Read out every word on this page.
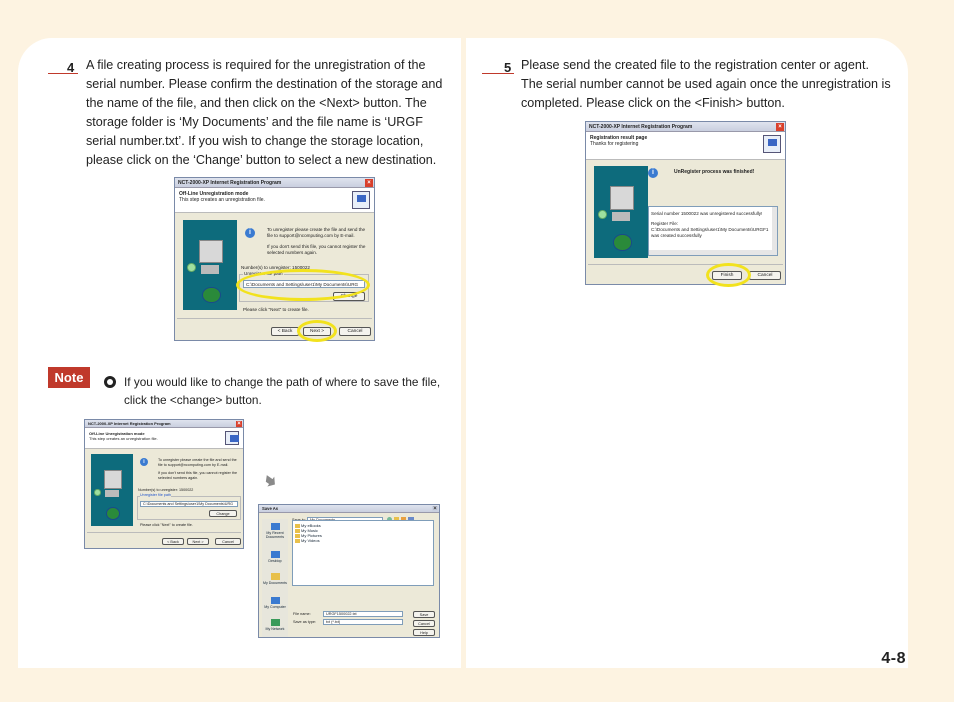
4 A file creating process is required for the unregistration of the serial number. Please confirm the destination of the storage and the name of the file, and then click on the <Next> button. The storage folder is ‘My Documents’ and the file name is ‘URGF serial number.txt’. If you wish to change the storage location, please click on the ‘Change’ button to select a new destination.
5 Please send the created file to the registration center or agent. The serial number cannot be used again once the unregistration is completed. Please click on the <Finish> button.
NCT-2000-XP Internet Registration Program	×
Off-Line Unregistration mode
This step creates an unregistration file.
i	To unregister please create the file and send the file to support@ncomputing.com by E-mail.
If you don't send this file, you cannot register the selected numbers again.
Number(s) to unregister: 1500022
Unregister file path
C:\Documents and Settings\user1\My Documents\URG
Change
Please click "Next" to create file.
< Back	Next >	Cancel
Note	If you would like to change the path of where to save the file, click the <change> button.
NCT-2000-XP Internet Registration Program	×
Off-Line Unregistration mode
This step creates an unregistration file.
i	To unregister please create the file and send the file to support@ncomputing.com by E-mail.
If you don't send this file, you cannot register the selected numbers again.
Number(s) to unregister: 1500022
Unregister file path
C:\Documents and Settings\user1\My Documents\URG
Change
Please click "Next" to create file.
< Back	Next >	Cancel
Save As	×
My Recent Documents
Desktop
My Documents
My Computer
My Network
My eBooks
My Music
My Pictures
My Videos
File name:	URGF1500022.txt
Save as type:	txt (*.txt)
Save
Cancel
Help
NCT-2000-XP Internet Registration Program	×
Registration result page
Thanks for registering
i	UnRegister process was finished!
Serial number 1500022 was unregistered successfully!
Register File:
C:\Documents and Settings\user1\My Documents\URGF1
was created successfully
Finish	Cancel
4-8
